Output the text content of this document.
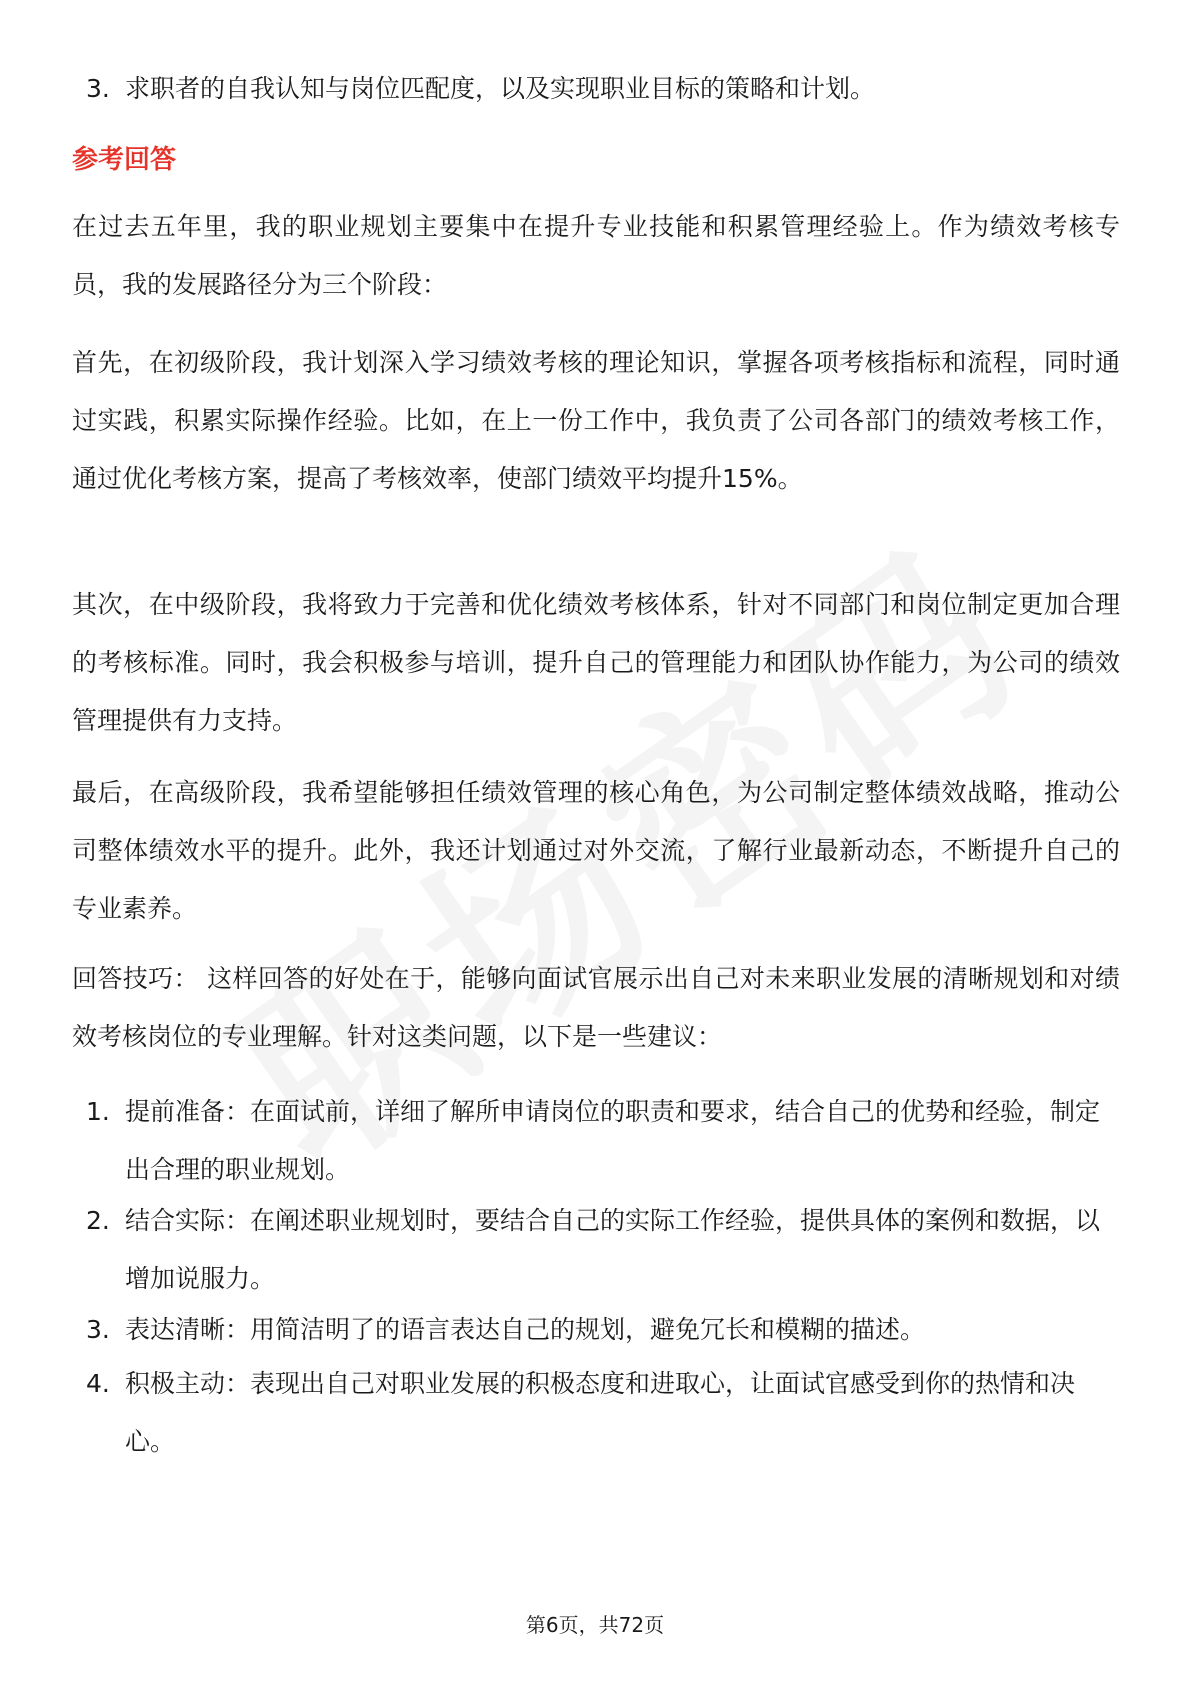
3. 求职者的自我认知与岗位匹配度，以及实现职业目标的策略和计划。
参考回答

在过去五年里，我的职业规划主要集中在提升专业技能和积累管理经验上。作为绩效考核专员，我的发展路径分为三个阶段：

首先，在初级阶段，我计划深入学习绩效考核的理论知识，掌握各项考核指标和流程，同时通过实践，积累实际操作经验。比如，在上一份工作中，我负责了公司各部门的绩效考核工作，通过优化考核方案，提高了考核效率，使部门绩效平均提升15%。

其次，在中级阶段，我将致力于完善和优化绩效考核体系，针对不同部门和岗位制定更加合理的考核标准。同时，我会积极参与培训，提升自己的管理能力和团队协作能力，为公司的绩效管理提供有力支持。

最后，在高级阶段，我希望能够担任绩效管理的核心角色，为公司制定整体绩效战略，推动公司整体绩效水平的提升。此外，我还计划通过对外交流，了解行业最新动态，不断提升自己的专业素养。

回答技巧： 这样回答的好处在于，能够向面试官展示出自己对未来职业发展的清晰规划和对绩效考核岗位的专业理解。针对这类问题，以下是一些建议：

1. 提前准备：在面试前，详细了解所申请岗位的职责和要求，结合自己的优势和经验，制定出合理的职业规划。
2. 结合实际：在阐述职业规划时，要结合自己的实际工作经验，提供具体的案例和数据，以增加说服力。
3. 表达清晰：用简洁明了的语言表达自己的规划，避免冗长和模糊的描述。
4. 积极主动：表现出自己对职业发展的积极态度和进取心，让面试官感受到你的热情和决心。
第6页，共72页
